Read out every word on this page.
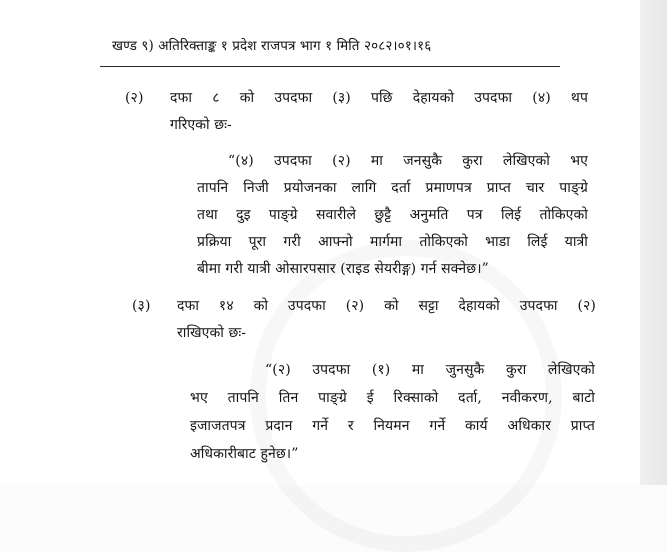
खण्ड ९) अतिरिक्ताङ्क १ प्रदेश राजपत्र भाग १ मिति २०८२।०१।१६
(२) दफा ८ को उपदफा (३) पछि देहायको उपदफा (४) थप
गरिएको छः-
“(४) उपदफा (२) मा जनसुकै कुरा लेखिएको भए
तापनि निजी प्रयोजनका लागि दर्ता प्रमाणपत्र प्राप्त चार पाङ्ग्रे
तथा दुइ पाङ्ग्रे सवारीले छुट्टै अनुमति पत्र लिई तोकिएको
प्रक्रिया पूरा गरी आफ्नो मार्गमा तोकिएको भाडा लिई यात्री
बीमा गरी यात्री ओसारपसार (राइड सेयरीङ्ग) गर्न सक्नेछ।”
(३) दफा १४ को उपदफा (२) को सट्टा देहायको उपदफा (२)
राखिएको छः-
“(२) उपदफा (१) मा जुनसुकै कुरा लेखिएको
भए तापनि तिन पाङ्ग्रे ई रिक्साको दर्ता, नवीकरण, बाटो
इजाजतपत्र प्रदान गर्ने र नियमन गर्ने कार्य अधिकार प्राप्त
अधिकारीबाट हुनेछ।”
